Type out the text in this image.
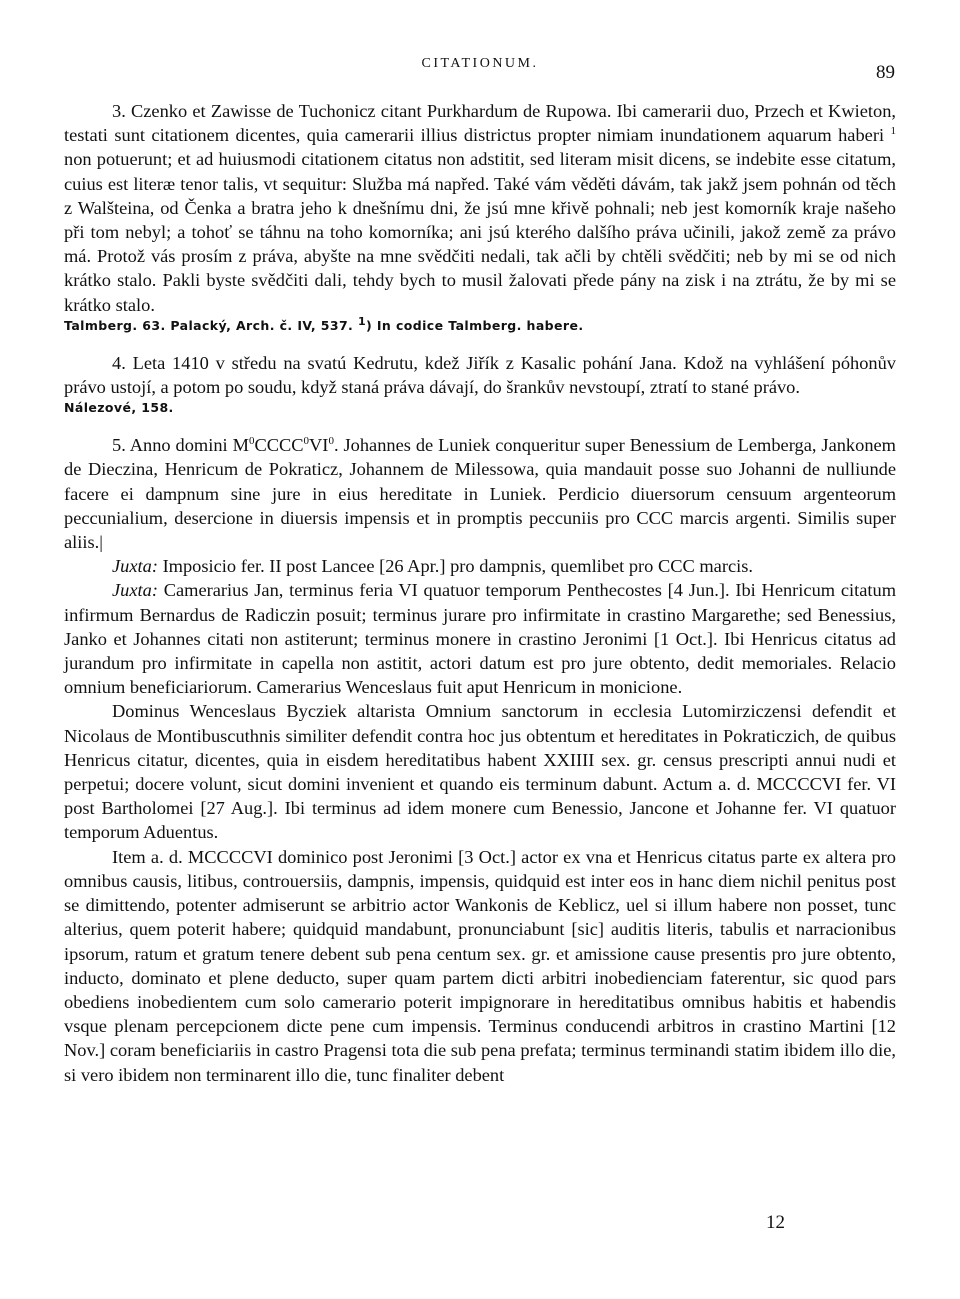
CITATIONUM.	89

3. Czenko et Zawisse de Tuchonicz citant Purkhardum de Rupowa. Ibi camerarii duo, Przech et Kwieton, testati sunt citationem dicentes, quia camerarii illius districtus propter nimiam inundationem aquarum haberi $^1$ non potuerunt; et ad huiusmodi citationem citatus non adstitit, sed literam misit dicens, se indebite esse citatum, cuius est literæ tenor talis, vt sequitur: Služba má napřed. Také vám věděti dávám, tak jakž jsem pohnán od těch z Walšteina, od Čenka a bratra jeho k dnešnímu dni, že jsú mne křivě pohnali; neb jest komorník kraje našeho při tom nebyl; a tohoť se táhnu na toho komorníka; ani jsú kterého dalšího práva učinili, jakož země za právo má. Protož vás prosím z práva, abyšte na mne svědčiti nedali, tak ačli by chtěli svědčiti; neb by mi se od nich krátko stalo. Pakli byste svědčiti dali, tehdy bych to musil žalovati přede pány na zisk i na ztrátu, že by mi se krátko stalo.

Talmberg. 63. Palacký, Arch. č. IV, 537. $^1$) In codice Talmberg. habere.

4. Leta 1410 v středu na svatú Kedrutu, kdež Jiřík z Kasalic pohání Jana. Kdož na vyhlášení póhonův právo ustojí, a potom po soudu, když staná práva dávají, do šrankův nevstoupí, ztratí to stané právo.

Nálezové, 158.

5. Anno domini $M^0CCCC^0VI^0$. Johannes de Luniek conqueritur super Benessium de Lemberga, Jankonem de Dieczina, Henricum de Pokraticz, Johannem de Milessowa, quia mandauit posse suo Johanni de nulliunde facere ei dampnum sine jure in eius hereditate in Luniek. Perdicio diuersorum censuum argenteorum peccunialium, desercione in diuersis impensis et in promptis peccuniis pro CCC marcis argenti. Similis super aliis.|

Juxta: Imposicio fer. II post Lancee [26 Apr.] pro dampnis, quemlibet pro CCC marcis.

Juxta: Camerarius Jan, terminus feria VI quatuor temporum Penthecostes [4 Jun.]. Ibi Henricum citatum infirmum Bernardus de Radiczin posuit; terminus jurare pro infirmitate in crastino Margarethe; sed Benessius, Janko et Johannes citati non astiterunt; terminus monere in crastino Jeronimi [1 Oct.]. Ibi Henricus citatus ad jurandum pro infirmitate in capella non astitit, actori datum est pro jure obtento, dedit memoriales. Relacio omnium beneficiariorum. Camerarius Wenceslaus fuit aput Henricum in monicione.

Dominus Wenceslaus Bycziek altarista Omnium sanctorum in ecclesia Lutomirziczensi defendit et Nicolaus de Montibuscuthnis similiter defendit contra hoc jus obtentum et hereditates in Pokraticzich, de quibus Henricus citatur, dicentes, quia in eisdem hereditatibus habent XXIIII sex. gr. census prescripti annui nudi et perpetui; docere volunt, sicut domini invenient et quando eis terminum dabunt. Actum a. d. MCCCCVI fer. VI post Bartholomei [27 Aug.]. Ibi terminus ad idem monere cum Benessio, Jancone et Johanne fer. VI quatuor temporum Aduentus.

Item a. d. MCCCCVI dominico post Jeronimi [3 Oct.] actor ex vna et Henricus citatus parte ex altera pro omnibus causis, litibus, controuersiis, dampnis, impensis, quidquid est inter eos in hanc diem nichil penitus post se dimittendo, potenter admiserunt se arbitrio actor Wankonis de Keblicz, uel si illum habere non posset, tunc alterius, quem poterit habere; quidquid mandabunt, pronunciabunt [sic] auditis literis, tabulis et narracionibus ipsorum, ratum et gratum tenere debent sub pena centum sex. gr. et amissione cause presentis pro jure obtento, inducto, dominato et plene deducto, super quam partem dicti arbitri inobedienciam faterentur, sic quod pars obediens inobedientem cum solo camerario poterit impignorare in hereditatibus omnibus habitis et habendis vsque plenam percepcionem dicte pene cum impensis. Terminus conducendi arbitros in crastino Martini [12 Nov.] coram beneficiariis in castro Pragensi tota die sub pena prefata; terminus terminandi statim ibidem illo die, si vero ibidem non terminarent illo die, tunc finaliter debent

12
